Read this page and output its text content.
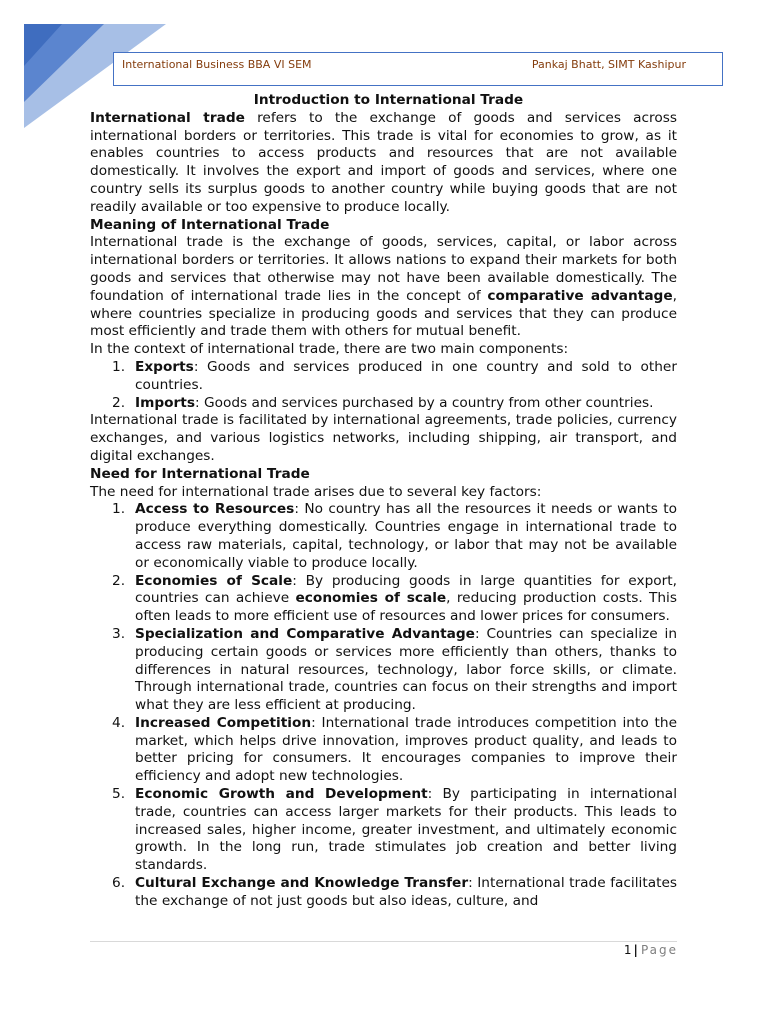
International Business BBA VI SEM	Pankaj Bhatt, SIMT Kashipur
Introduction to International Trade

International trade refers to the exchange of goods and services across international borders or territories. This trade is vital for economies to grow, as it enables countries to access products and resources that are not available domestically. It involves the export and import of goods and services, where one country sells its surplus goods to another country while buying goods that are not readily available or too expensive to produce locally.

Meaning of International Trade

International trade is the exchange of goods, services, capital, or labor across international borders or territories. It allows nations to expand their markets for both goods and services that otherwise may not have been available domestically. The foundation of international trade lies in the concept of comparative advantage, where countries specialize in producing goods and services that they can produce most efficiently and trade them with others for mutual benefit.

In the context of international trade, there are two main components:

1. Exports: Goods and services produced in one country and sold to other countries.
2. Imports: Goods and services purchased by a country from other countries.

International trade is facilitated by international agreements, trade policies, currency exchanges, and various logistics networks, including shipping, air transport, and digital exchanges.

Need for International Trade

The need for international trade arises due to several key factors:

1. Access to Resources: No country has all the resources it needs or wants to produce everything domestically. Countries engage in international trade to access raw materials, capital, technology, or labor that may not be available or economically viable to produce locally.
2. Economies of Scale: By producing goods in large quantities for export, countries can achieve economies of scale, reducing production costs. This often leads to more efficient use of resources and lower prices for consumers.
3. Specialization and Comparative Advantage: Countries can specialize in producing certain goods or services more efficiently than others, thanks to differences in natural resources, technology, labor force skills, or climate. Through international trade, countries can focus on their strengths and import what they are less efficient at producing.
4. Increased Competition: International trade introduces competition into the market, which helps drive innovation, improves product quality, and leads to better pricing for consumers. It encourages companies to improve their efficiency and adopt new technologies.
5. Economic Growth and Development: By participating in international trade, countries can access larger markets for their products. This leads to increased sales, higher income, greater investment, and ultimately economic growth. In the long run, trade stimulates job creation and better living standards.
6. Cultural Exchange and Knowledge Transfer: International trade facilitates the exchange of not just goods but also ideas, culture, and
1 | Page
